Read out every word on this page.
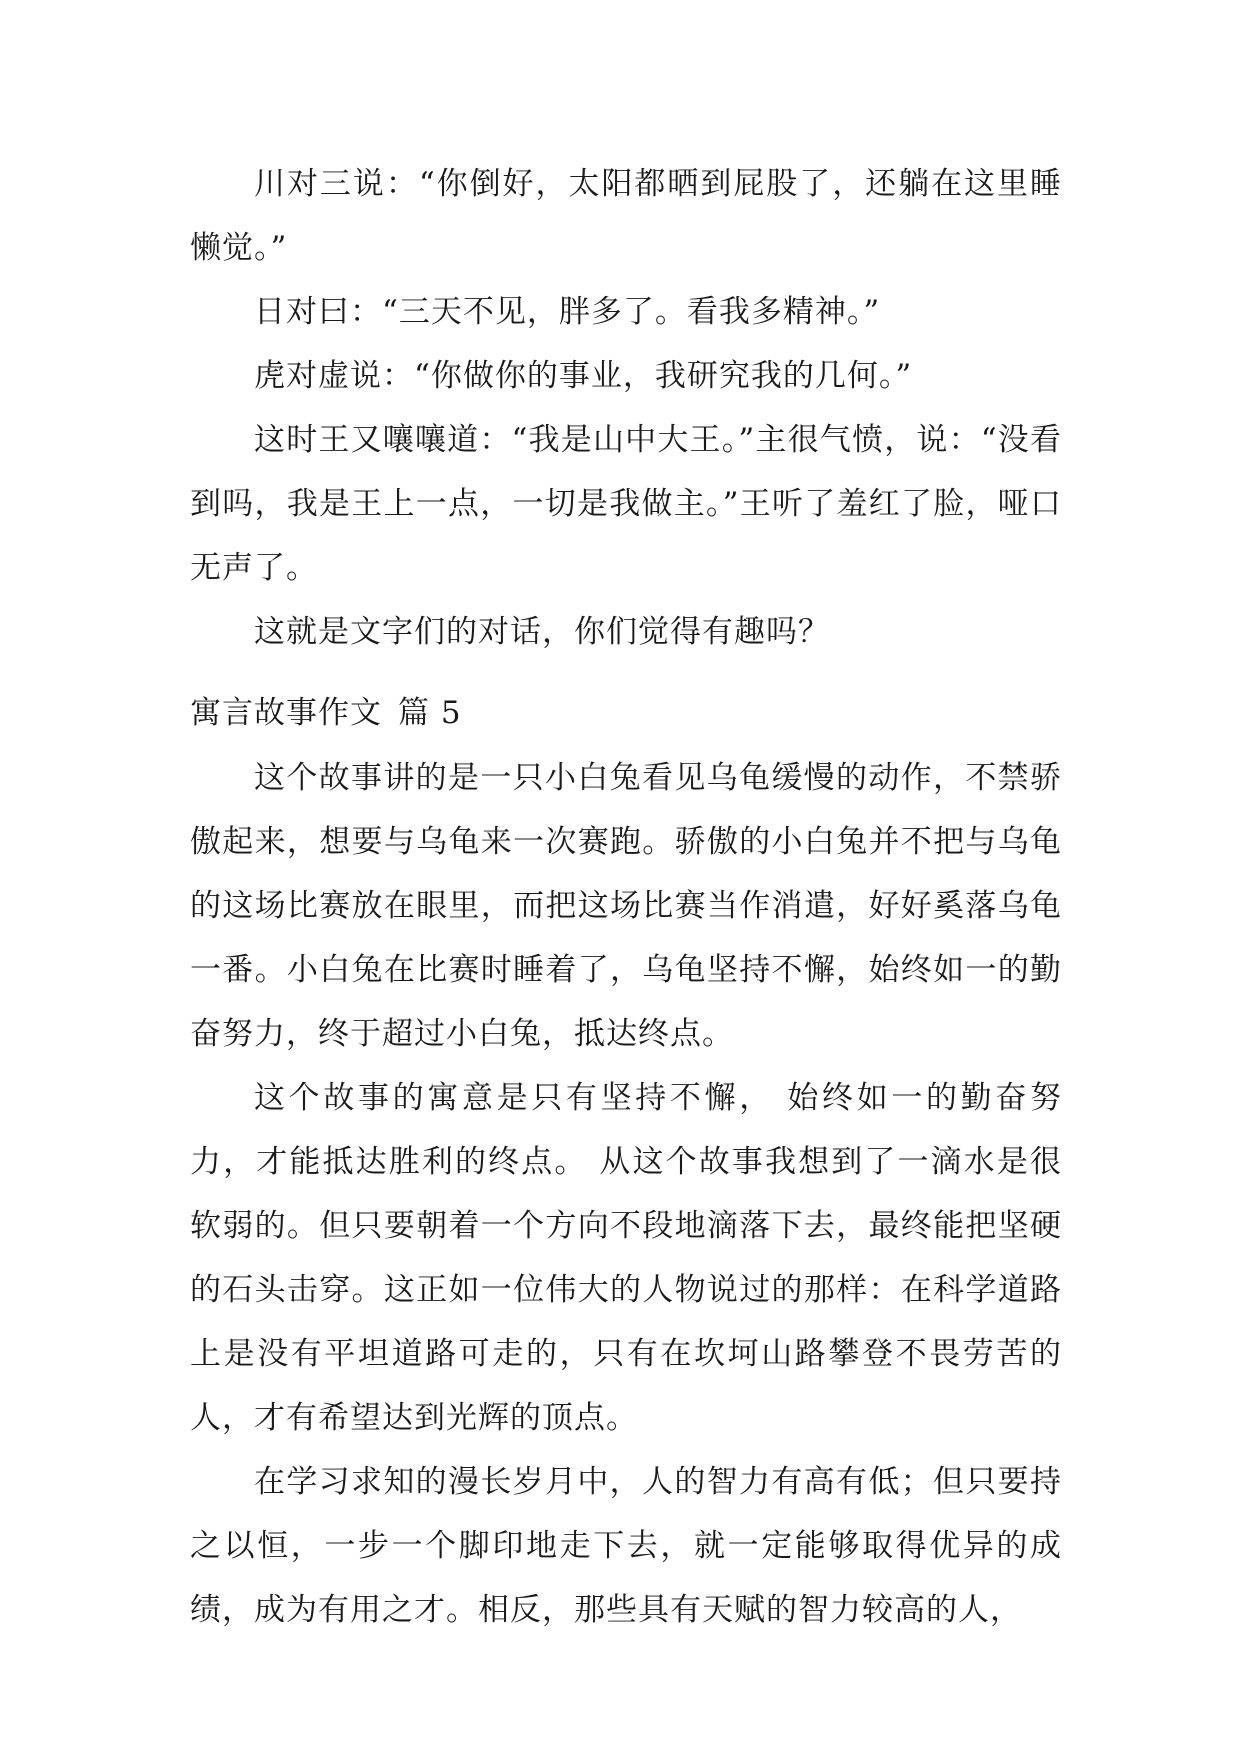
川对三说：“你倒好，太阳都晒到屁股了，还躺在这里睡懒觉。”

日对曰：“三天不见，胖多了。看我多精神。”

虎对虚说：“你做你的事业，我研究我的几何。”

这时王又嚷嚷道：“我是山中大王。”主很气愤，说：“没看到吗，我是王上一点，一切是我做主。”王听了羞红了脸，哑口无声了。

这就是文字们的对话，你们觉得有趣吗？

寓言故事作文 篇 5

这个故事讲的是一只小白兔看见乌龟缓慢的动作，不禁骄傲起来，想要与乌龟来一次赛跑。骄傲的小白兔并不把与乌龟的这场比赛放在眼里，而把这场比赛当作消遣，好好奚落乌龟一番。小白兔在比赛时睡着了，乌龟坚持不懈，始终如一的勤奋努力，终于超过小白兔，抵达终点。

这个故事的寓意是只有坚持不懈， 始终如一的勤奋努力，才能抵达胜利的终点。 从这个故事我想到了一滴水是很软弱的。但只要朝着一个方向不段地滴落下去，最终能把坚硬的石头击穿。这正如一位伟大的人物说过的那样：在科学道路上是没有平坦道路可走的，只有在坎坷山路攀登不畏劳苦的人，才有希望达到光辉的顶点。

在学习求知的漫长岁月中，人的智力有高有低；但只要持之以恒，一步一个脚印地走下去，就一定能够取得优异的成绩，成为有用之才。相反，那些具有天赋的智力较高的人，
